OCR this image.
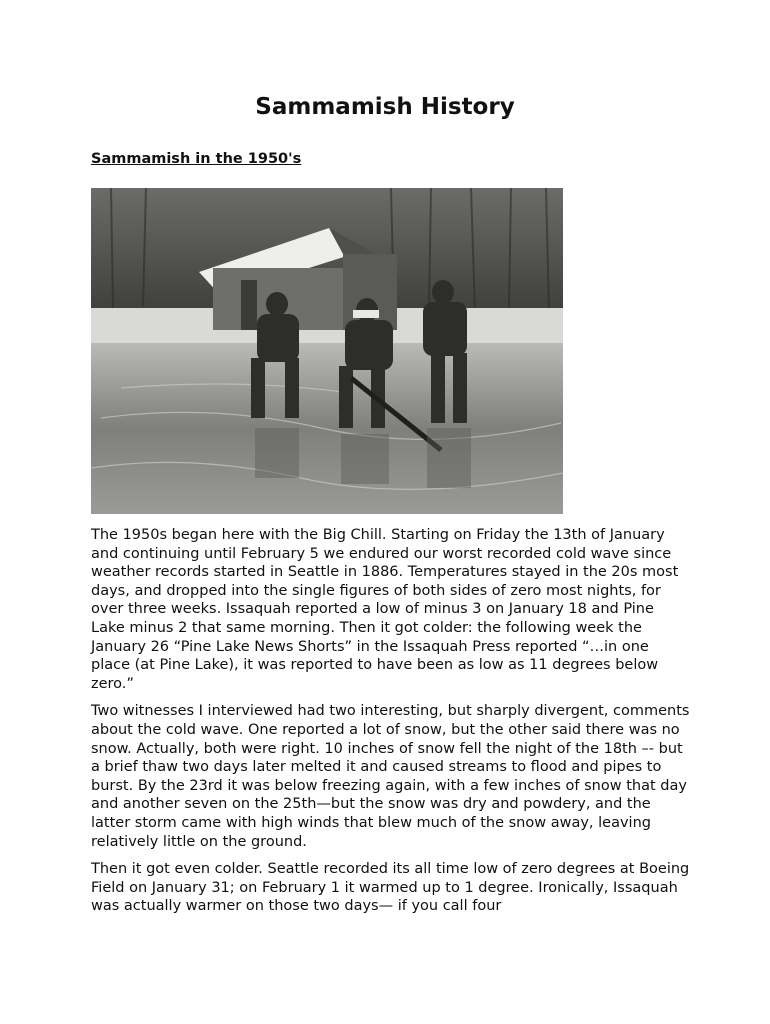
Sammamish History
Sammamish in the 1950's

The 1950s began here with the Big Chill. Starting on Friday the 13th of January and continuing until February 5 we endured our worst recorded cold wave since weather records started in Seattle in 1886. Temperatures stayed in the 20s most days, and dropped into the single figures of both sides of zero most nights, for over three weeks. Issaquah reported a low of minus 3 on January 18 and Pine Lake minus 2 that same morning. Then it got colder: the following week the January 26 “Pine Lake News Shorts” in the Issaquah Press reported “…in one place (at Pine Lake), it was reported to have been as low as 11 degrees below zero.”

Two witnesses I interviewed had two interesting, but sharply divergent, comments about the cold wave. One reported a lot of snow, but the other said there was no snow. Actually, both were right. 10 inches of snow fell the night of the 18th –- but a brief thaw two days later melted it and caused streams to flood and pipes to burst. By the 23rd it was below freezing again, with a few inches of snow that day and another seven on the 25th—but the snow was dry and powdery, and the latter storm came with high winds that blew much of the snow away, leaving relatively little on the ground.

Then it got even colder. Seattle recorded its all time low of zero degrees at Boeing Field on January 31; on February 1 it warmed up to 1 degree. Ironically, Issaquah was actually warmer on those two days— if you call four
